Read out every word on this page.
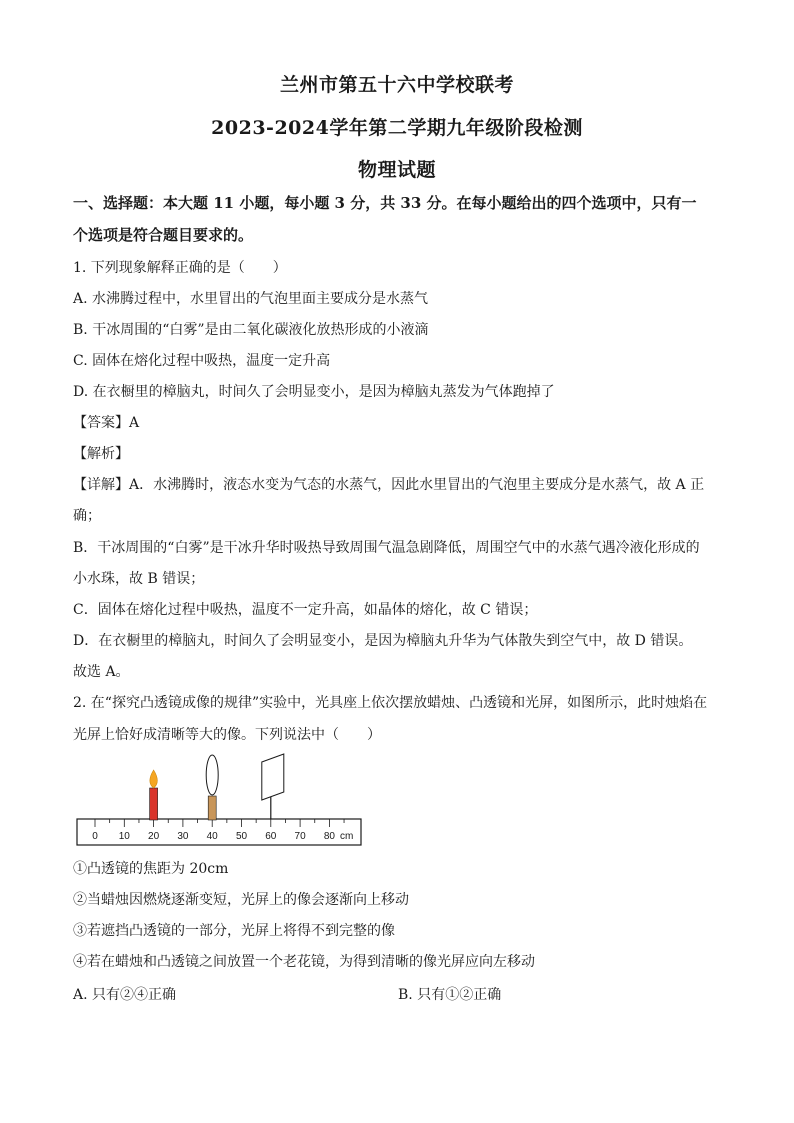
兰州市第五十六中学校联考
2023-2024学年第二学期九年级阶段检测
物理试题
一、选择题：本大题 11 小题，每小题 3 分，共 33 分。在每小题给出的四个选项中，只有一
个选项是符合题目要求的。
1. 下列现象解释正确的是（　　）
A. 水沸腾过程中，水里冒出的气泡里面主要成分是水蒸气
B. 干冰周围的“白雾”是由二氧化碳液化放热形成的小液滴
C. 固体在熔化过程中吸热，温度一定升高
D. 在衣橱里的樟脑丸，时间久了会明显变小，是因为樟脑丸蒸发为气体跑掉了
【答案】A
【解析】
【详解】A．水沸腾时，液态水变为气态的水蒸气，因此水里冒出的气泡里主要成分是水蒸气，故 A 正
确；
B．干冰周围的“白雾”是干冰升华时吸热导致周围气温急剧降低，周围空气中的水蒸气遇冷液化形成的
小水珠，故 B 错误；
C．固体在熔化过程中吸热，温度不一定升高，如晶体的熔化，故 C 错误；
D．在衣橱里的樟脑丸，时间久了会明显变小，是因为樟脑丸升华为气体散失到空气中，故 D 错误。
故选 A。
2. 在“探究凸透镜成像的规律”实验中，光具座上依次摆放蜡烛、凸透镜和光屏，如图所示，此时烛焰在
光屏上恰好成清晰等大的像。下列说法中（　　）
0 10 20 30 40 50 60 70 80 cm
①凸透镜的焦距为 20cm
②当蜡烛因燃烧逐渐变短，光屏上的像会逐渐向上移动
③若遮挡凸透镜的一部分，光屏上将得不到完整的像
④若在蜡烛和凸透镜之间放置一个老花镜，为得到清晰的像光屏应向左移动
A. 只有②④正确	B. 只有①②正确
